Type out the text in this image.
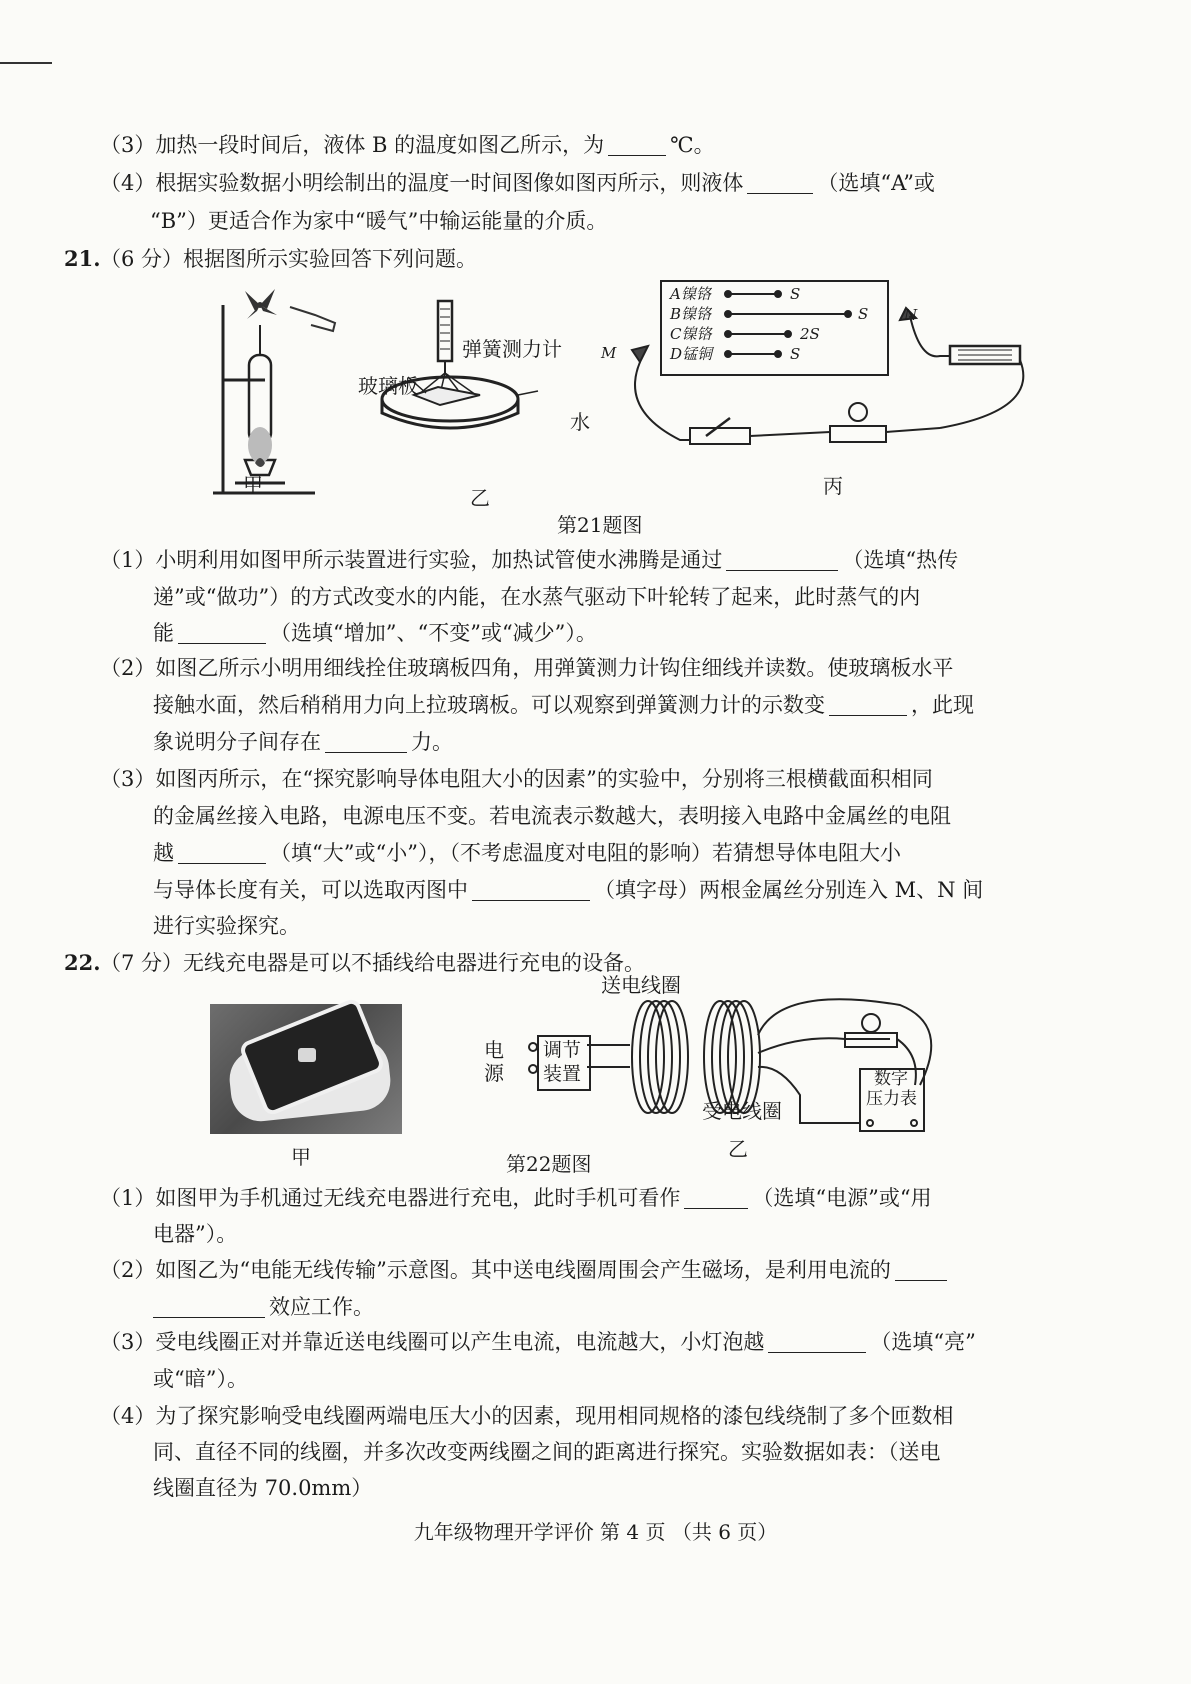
（3）加热一段时间后，液体 B 的温度如图乙所示，为	℃。
（4）根据实验数据小明绘制出的温度一时间图像如图丙所示，则液体	（选填“A”或
“B”）更适合作为家中“暖气”中输运能量的介质。
21. （6 分）根据图所示实验回答下列问题。
甲
弹簧测力计
玻璃板
水
乙
A镍铬
B镍铬
C镍铬
D锰铜
S
S
2S
S
M
N
丙
第21题图
（1）小明利用如图甲所示装置进行实验，加热试管使水沸腾是通过	（选填“热传
递”或“做功”）的方式改变水的内能，在水蒸气驱动下叶轮转了起来，此时蒸气的内
能	（选填“增加”、“不变”或“减少”）。
（2）如图乙所示小明用细线拴住玻璃板四角，用弹簧测力计钩住细线并读数。使玻璃板水平
接触水面，然后稍稍用力向上拉玻璃板。可以观察到弹簧测力计的示数变	，此现
象说明分子间存在	力。
（3）如图丙所示，在“探究影响导体电阻大小的因素”的实验中，分别将三根横截面积相同
的金属丝接入电路，电源电压不变。若电流表示数越大，表明接入电路中金属丝的电阻
越	（填“大”或“小”），（不考虑温度对电阻的影响）若猜想导体电阻大小
与导体长度有关，可以选取丙图中	（填字母）两根金属丝分别连入 M、N 间
进行实验探究。
22. （7 分）无线充电器是可以不插线给电器进行充电的设备。
甲
送电线圈
电
源
调节
装置	数字
压力表
受电线圈
乙
第22题图
（1）如图甲为手机通过无线充电器进行充电，此时手机可看作	（选填“电源”或“用
电器”）。
（2）如图乙为“电能无线传输”示意图。其中送电线圈周围会产生磁场，是利用电流的
效应工作。
（3）受电线圈正对并靠近送电线圈可以产生电流，电流越大，小灯泡越	（选填“亮”
或“暗”）。
（4）为了探究影响受电线圈两端电压大小的因素，现用相同规格的漆包线绕制了多个匝数相
同、直径不同的线圈，并多次改变两线圈之间的距离进行探究。实验数据如表：（送电
线圈直径为 70.0mm）
九年级物理开学评价 第 4 页 （共 6 页）
